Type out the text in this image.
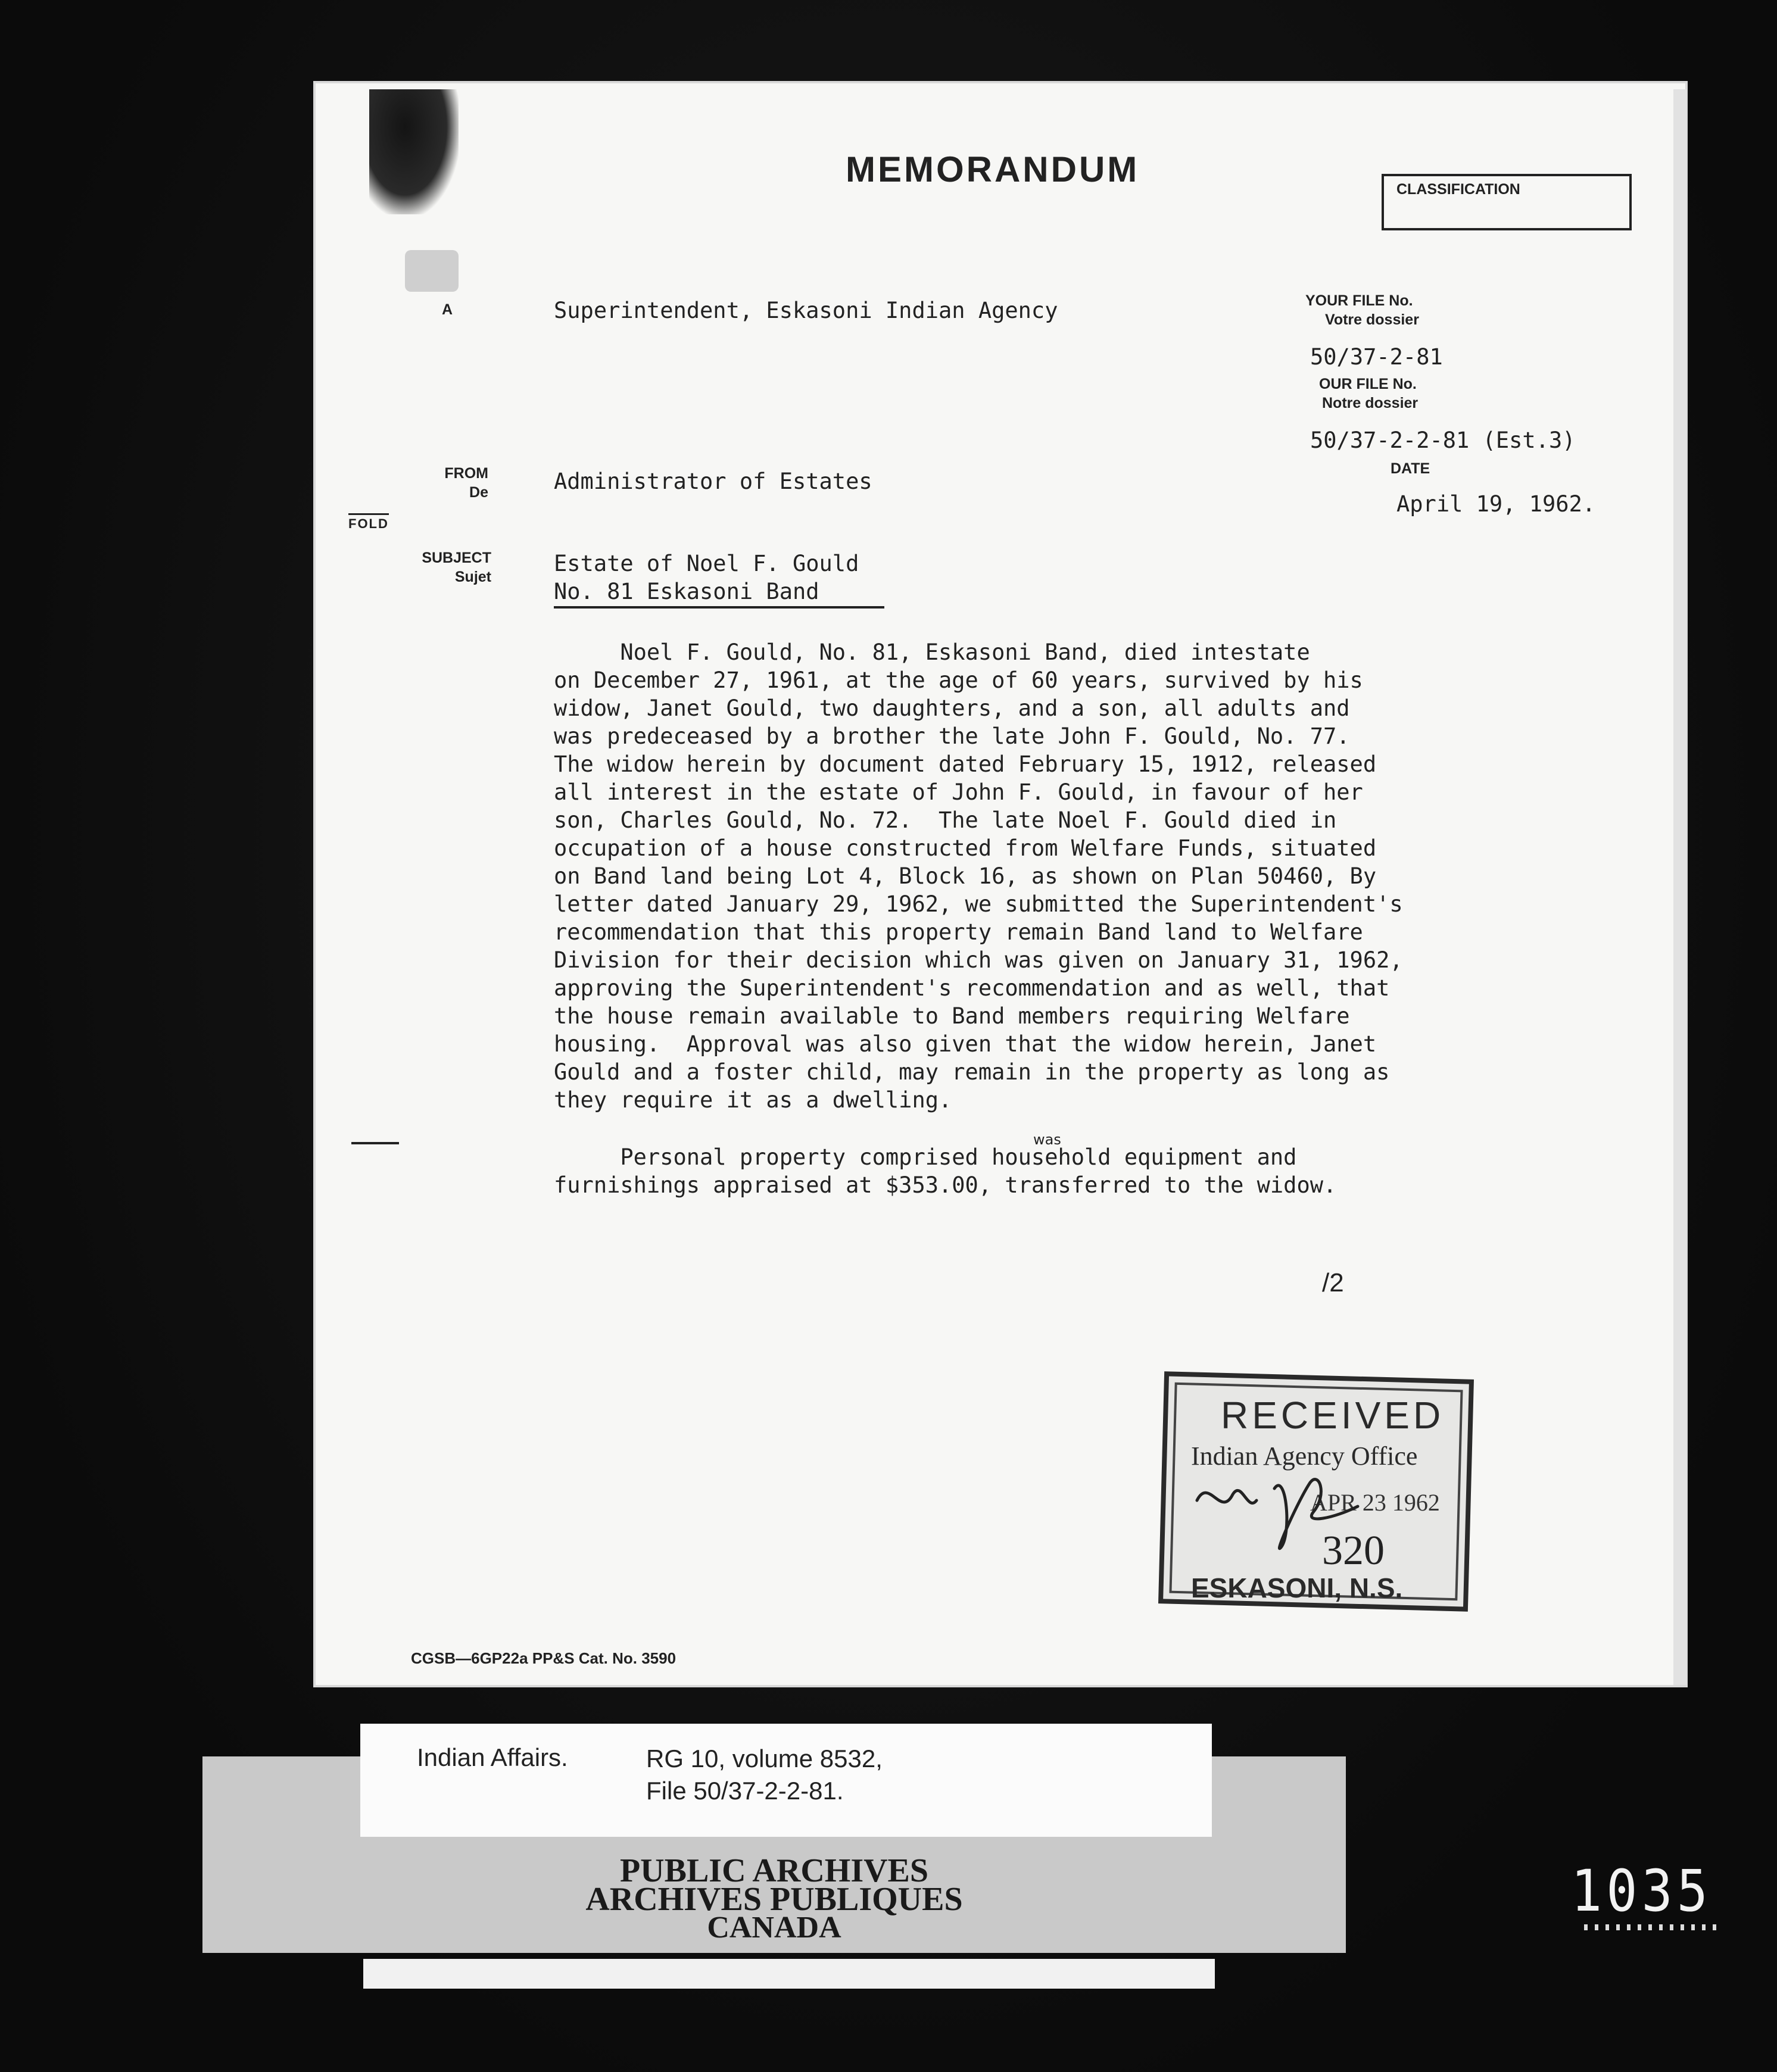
MEMORANDUM	CLASSIFICATION
A
FROM
De
FOLD
SUBJECT
Sujet
Superintendent, Eskasoni Indian Agency
Administrator of Estates
Estate of Noel F. Gould
No. 81 Eskasoni Band
YOUR FILE No.
Votre dossier
50/37-2-81
OUR FILE No.
Notre dossier
50/37-2-2-81 (Est.3)
DATE
April 19, 1962.
Noel F. Gould, No. 81, Eskasoni Band, died intestate
on December 27, 1961, at the age of 60 years, survived by his
widow, Janet Gould, two daughters, and a son, all adults and
was predeceased by a brother the late John F. Gould, No. 77.
The widow herein by document dated February 15, 1912, released
all interest in the estate of John F. Gould, in favour of her
son, Charles Gould, No. 72.  The late Noel F. Gould died in
occupation of a house constructed from Welfare Funds, situated
on Band land being Lot 4, Block 16, as shown on Plan 50460, By
letter dated January 29, 1962, we submitted the Superintendent's
recommendation that this property remain Band land to Welfare
Division for their decision which was given on January 31, 1962,
approving the Superintendent's recommendation and as well, that
the house remain available to Band members requiring Welfare
housing.  Approval was also given that the widow herein, Janet
Gould and a foster child, may remain in the property as long as
they require it as a dwelling.
was
Personal property comprised household equipment and
furnishings appraised at $353.00, transferred to the widow.
/2
CGSB—6GP22a PP&S Cat. No. 3590
RECEIVED
Indian Agency Office
APR 23 1962
320
ESKASONI, N.S.
Indian Affairs.	RG 10, volume 8532,
File 50/37-2-2-81.
PUBLIC ARCHIVES
ARCHIVES PUBLIQUES
CANADA
1035
